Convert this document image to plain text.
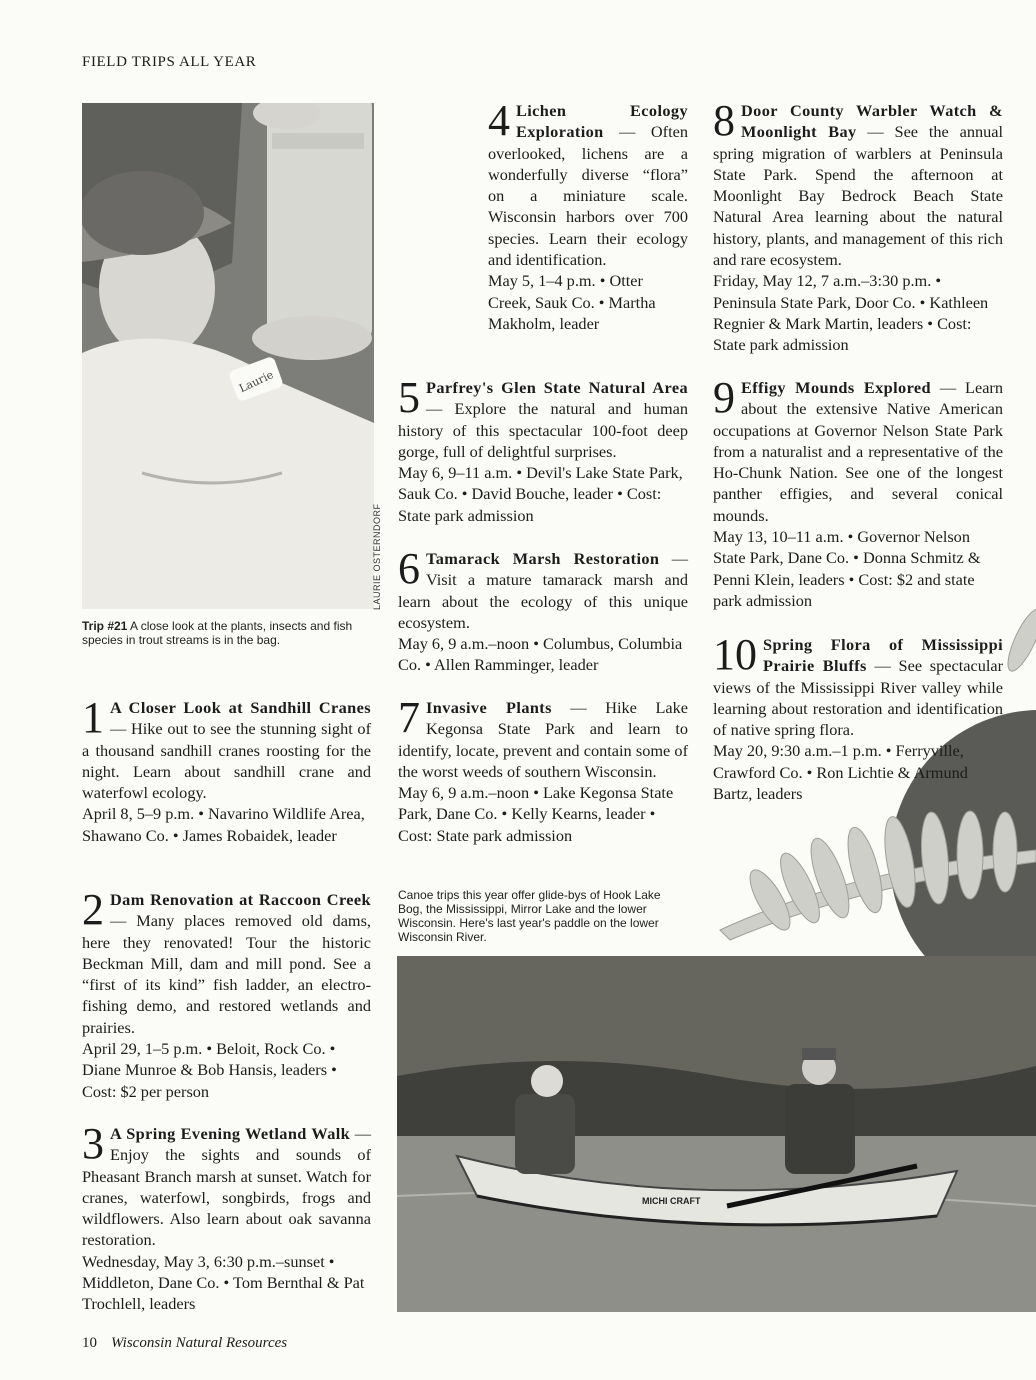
FIELD TRIPS ALL YEAR
Laurie
LAURIE OSTERNDORF
Trip #21 A close look at the plants, insects and fish species in trout streams is in the bag.
Canoe trips this year offer glide-bys of Hook Lake Bog, the Mississippi, Mirror Lake and the lower Wisconsin. Here's last year's paddle on the lower Wisconsin River.
MICHI CRAFT

1 A Closer Look at Sandhill Cranes — Hike out to see the stunning sight of a thousand sandhill cranes roosting for the night. Learn about sandhill crane and waterfowl ecology.

April 8, 5–9 p.m. • Navarino Wildlife Area, Shawano Co. • James Robaidek, leader

2 Dam Renovation at Raccoon Creek — Many places removed old dams, here they renovated! Tour the historic Beckman Mill, dam and mill pond. See a “first of its kind” fish ladder, an electro-fishing demo, and restored wetlands and prairies.

April 29, 1–5 p.m. • Beloit, Rock Co. • Diane Munroe & Bob Hansis, leaders • Cost: $2 per person

3 A Spring Evening Wetland Walk — Enjoy the sights and sounds of Pheasant Branch marsh at sunset. Watch for cranes, waterfowl, songbirds, frogs and wildflowers. Also learn about oak savanna restoration.

Wednesday, May 3, 6:30 p.m.–sunset • Middleton, Dane Co. • Tom Bernthal & Pat Trochlell, leaders

4 Lichen Ecology Exploration — Often overlooked, lichens are a wonderfully diverse “flora” on a miniature scale. Wisconsin harbors over 700 species. Learn their ecology and identification.

May 5, 1–4 p.m. • Otter Creek, Sauk Co. • Martha Makholm, leader

5 Parfrey's Glen State Natural Area — Explore the natural and human history of this spectacular 100-foot deep gorge, full of delightful surprises.

May 6, 9–11 a.m. • Devil's Lake State Park, Sauk Co. • David Bouche, leader • Cost: State park admission

6 Tamarack Marsh Restoration — Visit a mature tamarack marsh and learn about the ecology of this unique ecosystem.

May 6, 9 a.m.–noon • Columbus, Columbia Co. • Allen Ramminger, leader

7 Invasive Plants — Hike Lake Kegonsa State Park and learn to identify, locate, prevent and contain some of the worst weeds of southern Wisconsin.

May 6, 9 a.m.–noon • Lake Kegonsa State Park, Dane Co. • Kelly Kearns, leader • Cost: State park admission

8 Door County Warbler Watch & Moonlight Bay — See the annual spring migration of warblers at Peninsula State Park. Spend the afternoon at Moonlight Bay Bedrock Beach State Natural Area learning about the natural history, plants, and management of this rich and rare ecosystem.

Friday, May 12, 7 a.m.–3:30 p.m. • Peninsula State Park, Door Co. • Kathleen Regnier & Mark Martin, leaders • Cost: State park admission

9 Effigy Mounds Explored — Learn about the extensive Native American occupations at Governor Nelson State Park from a naturalist and a representative of the Ho-Chunk Nation. See one of the longest panther effigies, and several conical mounds.

May 13, 10–11 a.m. • Governor Nelson State Park, Dane Co. • Donna Schmitz & Penni Klein, leaders • Cost: $2 and state park admission

10 Spring Flora of Mississippi Prairie Bluffs — See spectacular views of the Mississippi River valley while learning about restoration and identification of native spring flora.

May 20, 9:30 a.m.–1 p.m. • Ferryville, Crawford Co. • Ron Lichtie & Armund Bartz, leaders

10 Wisconsin Natural Resources
